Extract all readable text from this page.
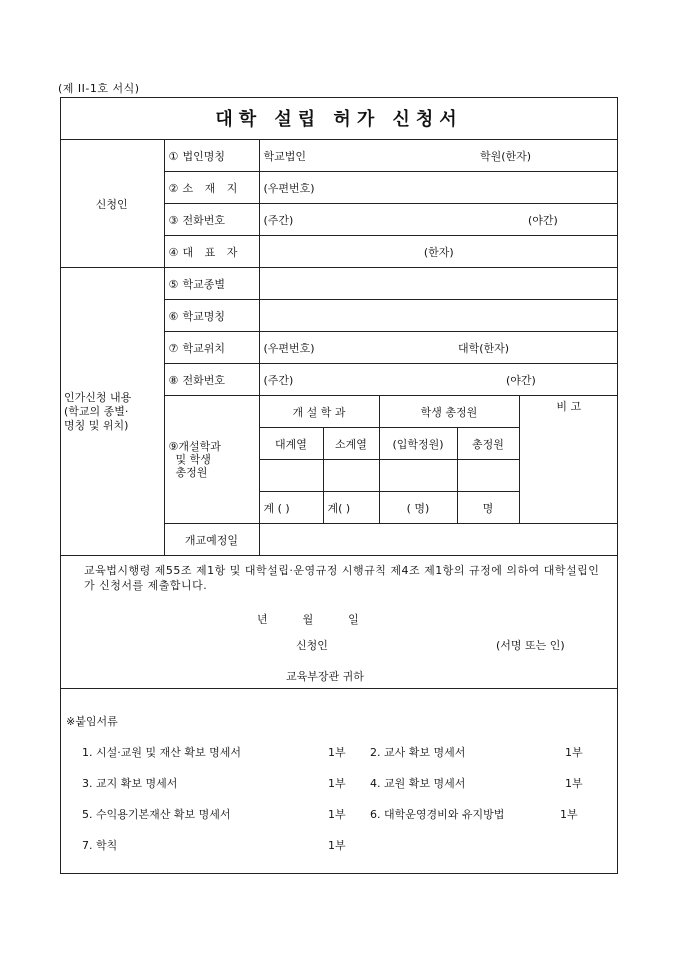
(제 II-1호 서식)
대학 설립 허가 신청서
신청인	① 법인명칭	학교법인 학원(한자)				

	② 소 재 지	(우편번호)				
	③ 전화번호	(주간) (야간)				

	④ 대 표 자	(한자)				

인가신청 내용
(학교의 종별·
명칭 및 위치)	⑤ 학교종별					
	⑥ 학교명칭					
	⑦ 학교위치	(우편번호) 대학(한자)				

	⑧ 전화번호	(주간) (야간)				

	⑨개설학과
및 학생
총정원	개 설 학 과		학생 총정원		비 고
		대계열	소계열	(입학정원)	총정원	

		계 ( )	계( )	( 명)	명	
	개교예정일					
교육법시행령 제55조 제1항 및 대학설립·운영규정 시행규칙 제4조 제1항의 규정에 의하여 대학설립인가 신청서를 제출합니다.
년          월          일
신청인	(서명 또는 인)
교육부장관 귀하
※붙임서류
1. 시설·교원 및 재산 확보 명세서	1부 2. 교사 확보 명세서	1부
3. 교지 확보 명세서	1부 4. 교원 확보 명세서	1부
5. 수익용기본재산 확보 명세서	1부 6. 대학운영경비와 유지방법	1부
7. 학칙	1부
